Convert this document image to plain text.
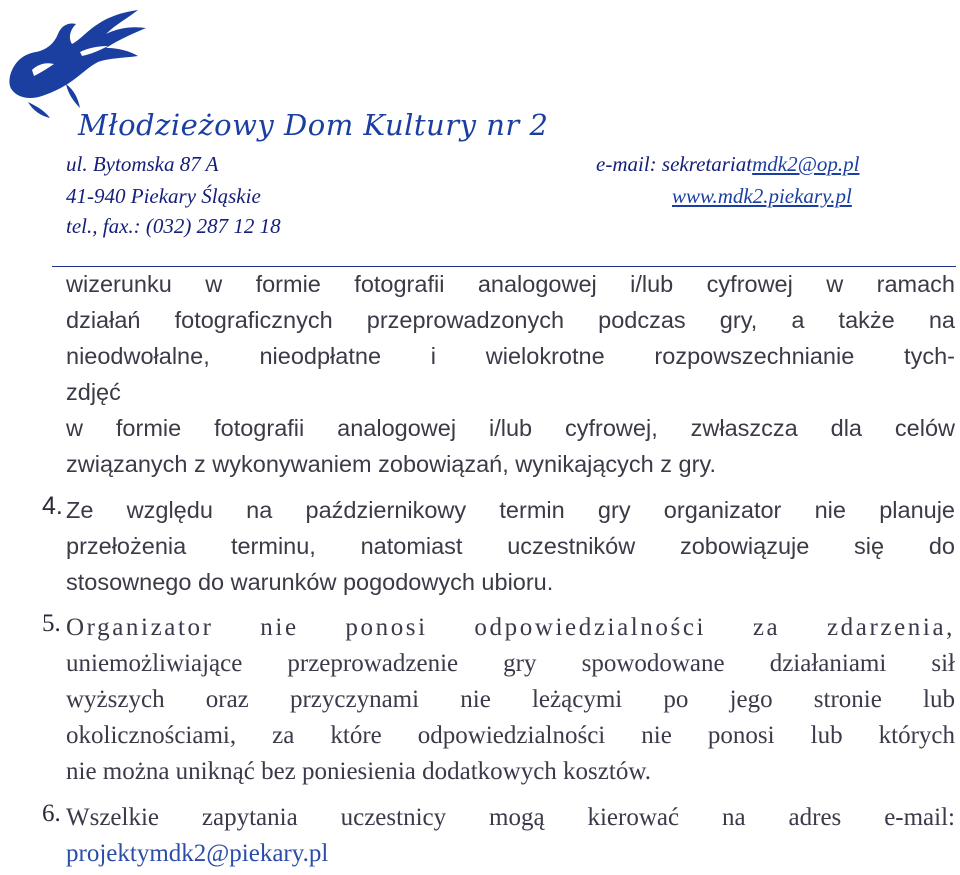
Młodzieżowy Dom Kultury nr 2
ul. Bytomska 87 A
41-940 Piekary Śląskie
tel., fax.: (032) 287 12 18
e-mail: sekretariatmdk2@op.pl
www.mdk2.piekary.pl
wizerunku w formie fotografii analogowej i/lub cyfrowej w ramach
działań fotograficznych przeprowadzonych podczas gry, a także na
nieodwołalne, nieodpłatne i wielokrotne rozpowszechnianie tych-
zdjęć
w formie fotografii analogowej i/lub cyfrowej, zwłaszcza dla celów
związanych z wykonywaniem zobowiązań, wynikających z gry.
4. Ze względu na październikowy termin gry organizator nie planuje
przełożenia terminu, natomiast uczestników zobowiązuje się do
stosownego do warunków pogodowych ubioru.
5. Organizator nie ponosi odpowiedzialności za zdarzenia,
uniemożliwiające przeprowadzenie gry spowodowane działaniami sił
wyższych oraz przyczynami nie leżącymi po jego stronie lub
okolicznościami, za które odpowiedzialności nie ponosi lub których
nie można uniknąć bez poniesienia dodatkowych kosztów.
6. Wszelkie zapytania uczestnicy mogą kierować na adres e-mail:
projektymdk2@piekary.pl
